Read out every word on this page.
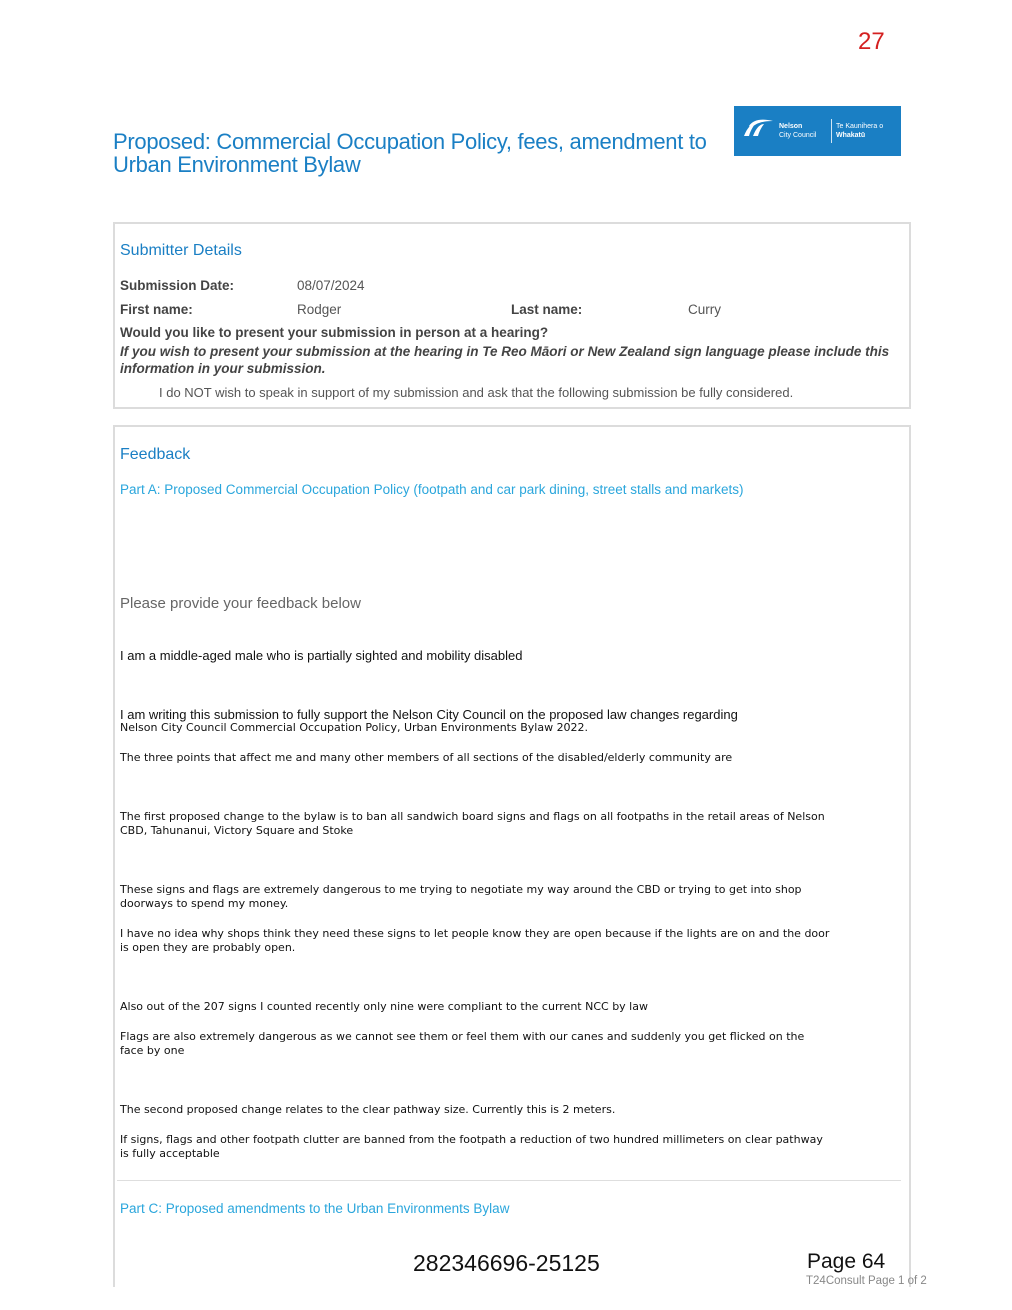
27
Proposed: Commercial Occupation Policy, fees, amendment to
Urban Environment Bylaw
Nelson
City Council
Te Kaunihera o
Whakatū
Submitter Details
Submission Date:	08/07/2024
First name:	Rodger	Last name:	Curry
Would you like to present your submission in person at a hearing?
If you wish to present your submission at the hearing in Te Reo Māori or New Zealand sign language please include this information in your submission.
I do NOT wish to speak in support of my submission and ask that the following submission be fully considered.
Feedback
Part A: Proposed Commercial Occupation Policy (footpath and car park dining, street stalls and markets)
Please provide your feedback below
I am a middle-aged male who is partially sighted and mobility disabled
I am writing this submission to fully support the Nelson City Council on the proposed law changes regarding
Nelson City Council Commercial Occupation Policy, Urban Environments Bylaw 2022.
The three points that affect me and many other members of all sections of the disabled/elderly community are
The first proposed change to the bylaw is to ban all sandwich board signs and flags on all footpaths in the retail areas of Nelson CBD, Tahunanui, Victory Square and Stoke
These signs and flags are extremely dangerous to me trying to negotiate my way around the CBD or trying to get into shop doorways to spend my money.
I have no idea why shops think they need these signs to let people know they are open because if the lights are on and the door is open they are probably open.
Also out of the 207 signs I counted recently only nine were compliant to the current NCC by law
Flags are also extremely dangerous as we cannot see them or feel them with our canes and suddenly you get flicked on the face by one
The second proposed change relates to the clear pathway size. Currently this is 2 meters.
If signs, flags and other footpath clutter are banned from the footpath a reduction of two hundred millimeters on clear pathway is fully acceptable
Part C: Proposed amendments to the Urban Environments Bylaw
282346696-25125	Page 64
T24Consult Page 1 of 2
